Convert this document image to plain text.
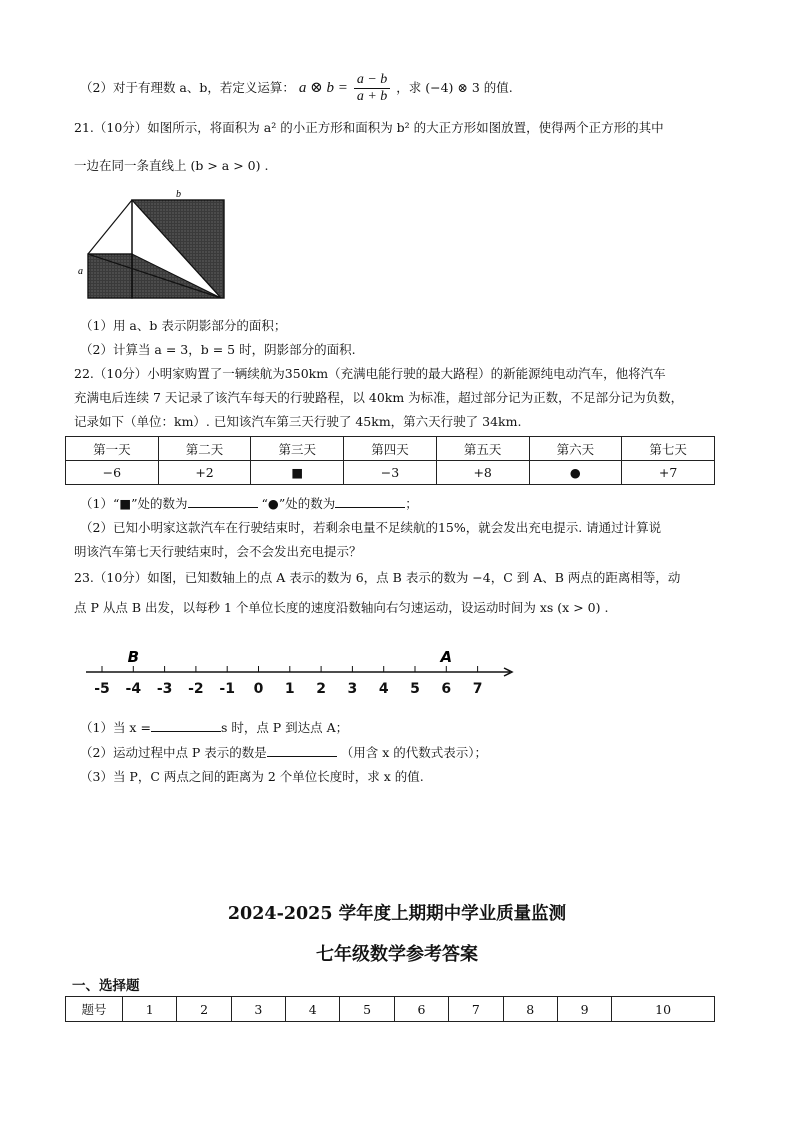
（2）对于有理数 a、b，若定义运算： a ⊗ $b = \frac{a - b}{a + b}$ ，求 (−4) ⊗ 3 的值.
21.（10分）如图所示，将面积为 a² 的小正方形和面积为 b² 的大正方形如图放置，使得两个正方形的其中
一边在同一条直线上 (b > a > 0) .
b
a
（1）用 a、b 表示阴影部分的面积；
（2）计算当 a = 3，b = 5 时，阴影部分的面积.
22.（10分）小明家购置了一辆续航为350km（充满电能行驶的最大路程）的新能源纯电动汽车，他将汽车
充满电后连续 7 天记录了该汽车每天的行驶路程，以 40km 为标准，超过部分记为正数，不足部分记为负数，
记录如下（单位：km）. 已知该汽车第三天行驶了 45km，第六天行驶了 34km.
第一天	第二天	第三天	第四天	第五天	第六天	第七天
−6	+2	■	−3	+8	●	+7
（1）“■”处的数为	“●”处的数为	；
（2）已知小明家这款汽车在行驶结束时，若剩余电量不足续航的15%，就会发出充电提示. 请通过计算说
明该汽车第七天行驶结束时，会不会发出充电提示？
23.（10分）如图，已知数轴上的点 A 表示的数为 6，点 B 表示的数为 −4，C 到 A、B 两点的距离相等，动
点 P 从点 B 出发，以每秒 1 个单位长度的速度沿数轴向右匀速运动，设运动时间为 xs (x > 0) .
-5 -4 -3 -2 -1 0 1 2 3 4 5 6 7
B	A
（1）当 x =	s 时，点 P 到达点 A；
（2）运动过程中点 P 表示的数是	（用含 x 的代数式表示）；
（3）当 P，C 两点之间的距离为 2 个单位长度时，求 x 的值.
2024-2025 学年度上期期中学业质量监测
七年级数学参考答案
一、选择题
题号	1	2	3	4	5	6	7	8	9	10
